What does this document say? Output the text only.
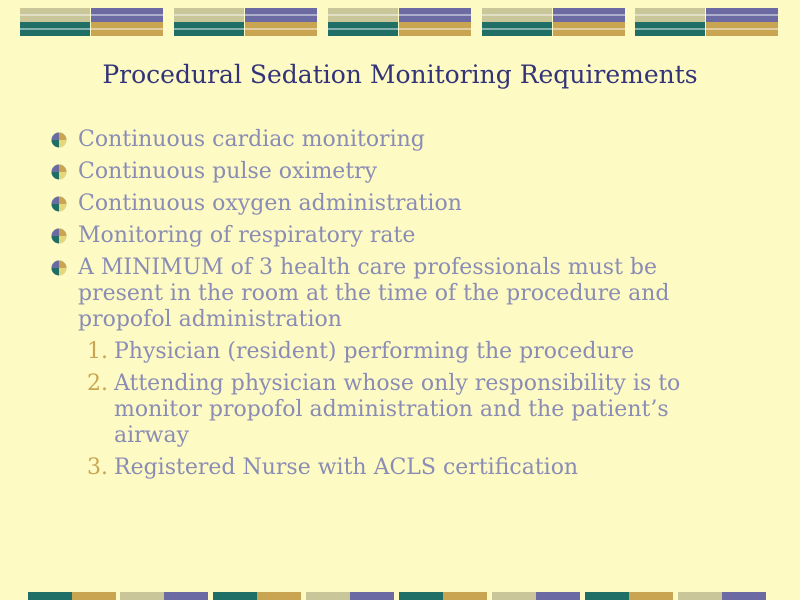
Procedural Sedation Monitoring Requirements
Continuous cardiac monitoring
Continuous pulse oximetry
Continuous oxygen administration
Monitoring of respiratory rate
A MINIMUM of 3 health care professionals must be present in the room at the time of the procedure and propofol administration
1. Physician (resident) performing the procedure
2. Attending physician whose only responsibility is to monitor propofol administration and the patient’s airway
3. Registered Nurse with ACLS certification
